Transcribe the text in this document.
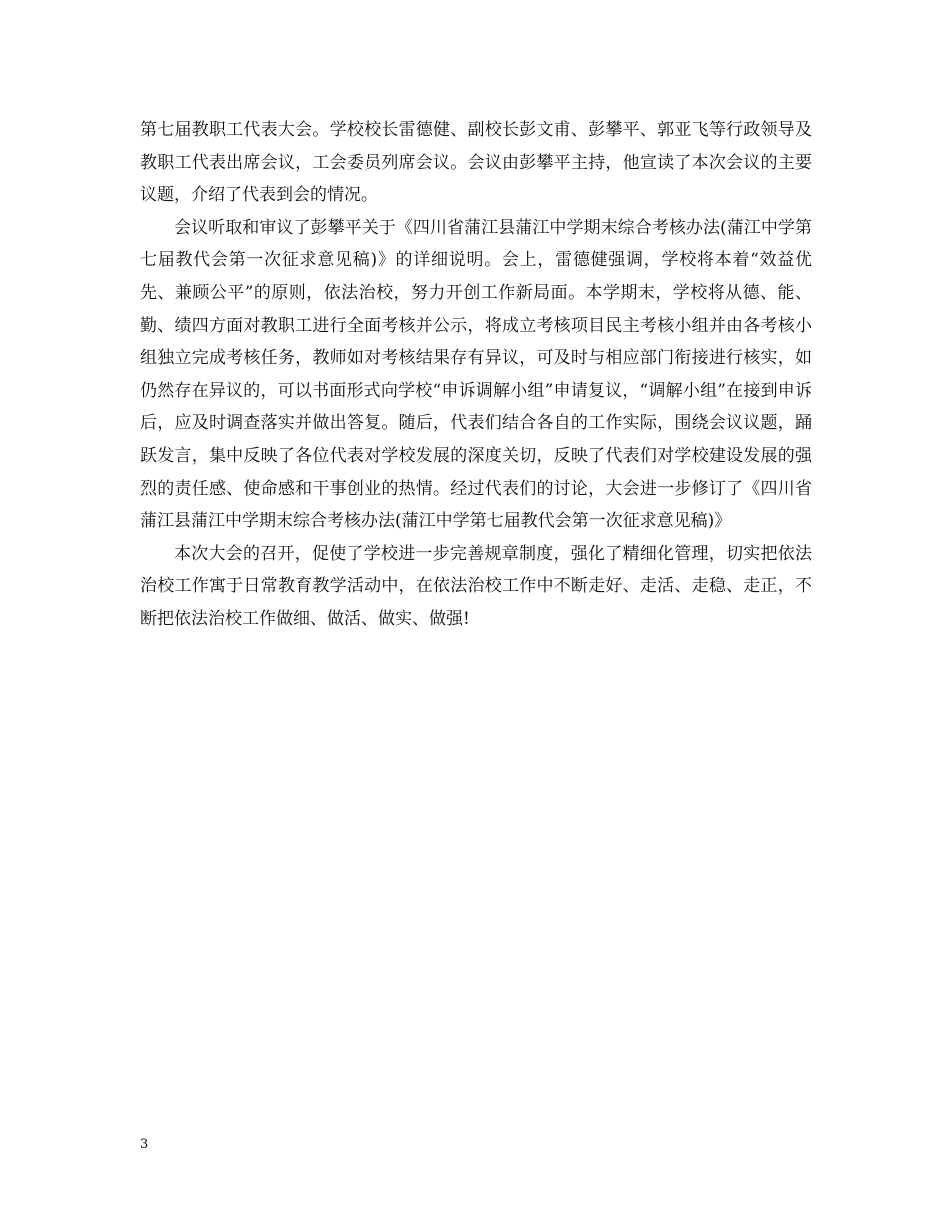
第七届教职工代表大会。学校校长雷德健、副校长彭文甫、彭攀平、郭亚飞等行政领导及教职工代表出席会议，工会委员列席会议。会议由彭攀平主持，他宣读了本次会议的主要议题，介绍了代表到会的情况。

会议听取和审议了彭攀平关于《四川省蒲江县蒲江中学期末综合考核办法(蒲江中学第七届教代会第一次征求意见稿)》的详细说明。会上，雷德健强调，学校将本着“效益优先、兼顾公平”的原则，依法治校，努力开创工作新局面。本学期末，学校将从德、能、勤、绩四方面对教职工进行全面考核并公示，将成立考核项目民主考核小组并由各考核小组独立完成考核任务，教师如对考核结果存有异议，可及时与相应部门衔接进行核实，如仍然存在异议的，可以书面形式向学校“申诉调解小组”申请复议，“调解小组”在接到申诉后，应及时调查落实并做出答复。随后，代表们结合各自的工作实际，围绕会议议题，踊跃发言，集中反映了各位代表对学校发展的深度关切，反映了代表们对学校建设发展的强烈的责任感、使命感和干事创业的热情。经过代表们的讨论，大会进一步修订了《四川省蒲江县蒲江中学期末综合考核办法(蒲江中学第七届教代会第一次征求意见稿)》

本次大会的召开，促使了学校进一步完善规章制度，强化了精细化管理，切实把依法治校工作寓于日常教育教学活动中，在依法治校工作中不断走好、走活、走稳、走正，不断把依法治校工作做细、做活、做实、做强!

3
